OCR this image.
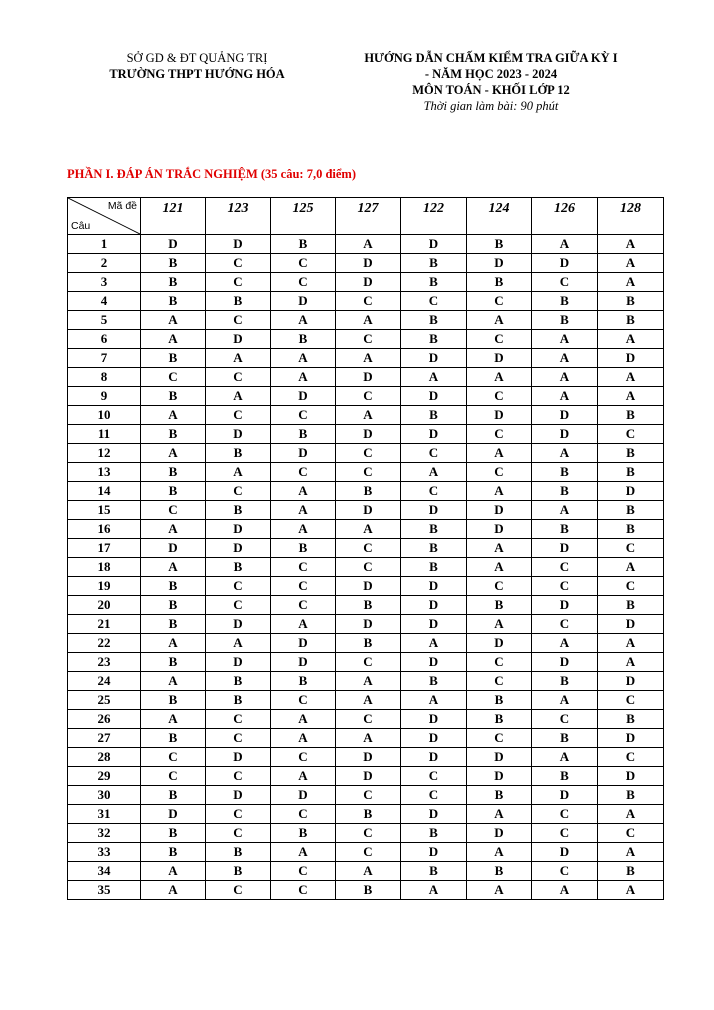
SỞ GD & ĐT QUẢNG TRỊ
TRƯỜNG THPT HƯỚNG HÓA
HƯỚNG DẪN CHẤM KIỂM TRA GIỮA KỲ I
- NĂM HỌC 2023 - 2024
MÔN TOÁN - KHỐI LỚP 12
Thời gian làm bài: 90 phút
PHẦN I. ĐÁP ÁN TRẮC NGHIỆM (35 câu: 7,0 điểm)
Mã đề
Câu	121	123	125	127	122	124	126	128
1	D	D	B	A	D	B	A	A
2	B	C	C	D	B	D	D	A
3	B	C	C	D	B	B	C	A
4	B	B	D	C	C	C	B	B
5	A	C	A	A	B	A	B	B
6	A	D	B	C	B	C	A	A
7	B	A	A	A	D	D	A	D
8	C	C	A	D	A	A	A	A
9	B	A	D	C	D	C	A	A
10	A	C	C	A	B	D	D	B
11	B	D	B	D	D	C	D	C
12	A	B	D	C	C	A	A	B
13	B	A	C	C	A	C	B	B
14	B	C	A	B	C	A	B	D
15	C	B	A	D	D	D	A	B
16	A	D	A	A	B	D	B	B
17	D	D	B	C	B	A	D	C
18	A	B	C	C	B	A	C	A
19	B	C	C	D	D	C	C	C
20	B	C	C	B	D	B	D	B
21	B	D	A	D	D	A	C	D
22	A	A	D	B	A	D	A	A
23	B	D	D	C	D	C	D	A
24	A	B	B	A	B	C	B	D
25	B	B	C	A	A	B	A	C
26	A	C	A	C	D	B	C	B
27	B	C	A	A	D	C	B	D
28	C	D	C	D	D	D	A	C
29	C	C	A	D	C	D	B	D
30	B	D	D	C	C	B	D	B
31	D	C	C	B	D	A	C	A
32	B	C	B	C	B	D	C	C
33	B	B	A	C	D	A	D	A
34	A	B	C	A	B	B	C	B
35	A	C	C	B	A	A	A	A
